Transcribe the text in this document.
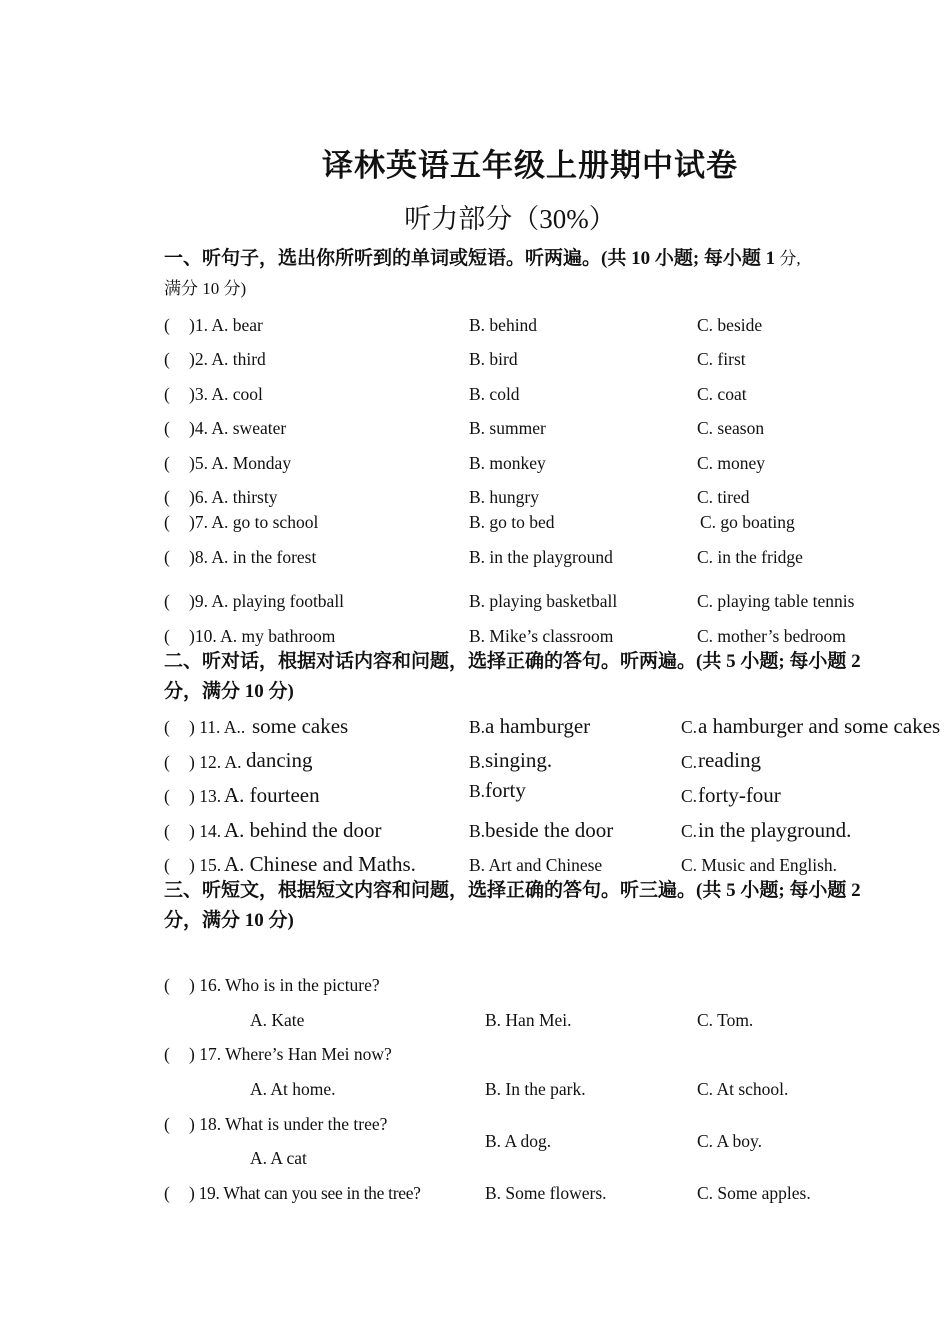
译林英语五年级上册期中试卷
听力部分（30%）
一、听句子，选出你所听到的单词或短语。听两遍。(共 10 小题; 每小题 1 分,
满分 10 分)
( )1. A. bear	B. behind	C. beside
( )2. A. third	B. bird	C. first
( )3. A. cool	B. cold	C. coat
( )4. A. sweater	B. summer	C. season
( )5. A. Monday	B. monkey	C. money
( )6. A. thirsty	B. hungry	C. tired
( )7. A. go to school	B. go to bed	C. go boating
( )8. A. in the forest	B. in the playground	C. in the fridge
( )9. A. playing football	B. playing basketball	C. playing table tennis
( )10. A. my bathroom	B. Mike’s classroom	C. mother’s bedroom
二、听对话，根据对话内容和问题，选择正确的答句。听两遍。(共 5 小题; 每小题 2 分，满分 10 分)
( ) 11. A.. some cakes	B. a hamburger	C. a hamburger and some cakes
( ) 12. A. dancing	B. singing.	C. reading
( ) 13. A. fourteen	B. forty	C. forty-four
( ) 14. A. behind the door	B. beside the door	C. in the playground.
( ) 15. A. Chinese and Maths.	B. Art and Chinese	C. Music and English.
三、听短文，根据短文内容和问题，选择正确的答句。听三遍。(共 5 小题; 每小题 2 分，满分 10 分)
( ) 16. Who is in the picture?
A. Kate	B. Han Mei.	C. Tom.
( ) 17. Where’s Han Mei now?
A. At home.	B. In the park.	C. At school.
( ) 18. What is under the tree?
A. A cat
B. A dog.	C. A boy.
( ) 19. What can you see in the tree?	B. Some flowers.	C. Some apples.
